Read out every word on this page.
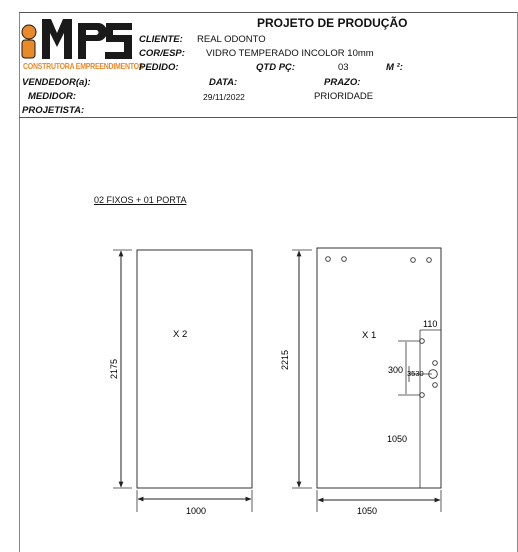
CONSTRUTORA EMPREENDIMENTOS
PROJETO DE PRODUÇÃO
CLIENTE: REAL ODONTO
COR/ESP: VIDRO TEMPERADO INCOLOR 10mm
PEDIDO:	QTD PÇ:	03	M ²:
VENDEDOR(a):	DATA:	PRAZO:
MEDIDOR:	29/11/2022	PRIORIDADE
PROJETISTA:
02 FIXOS + 01 PORTA
X 2
2175
1000
X 1
110
300 3530
1050
2215
1050
